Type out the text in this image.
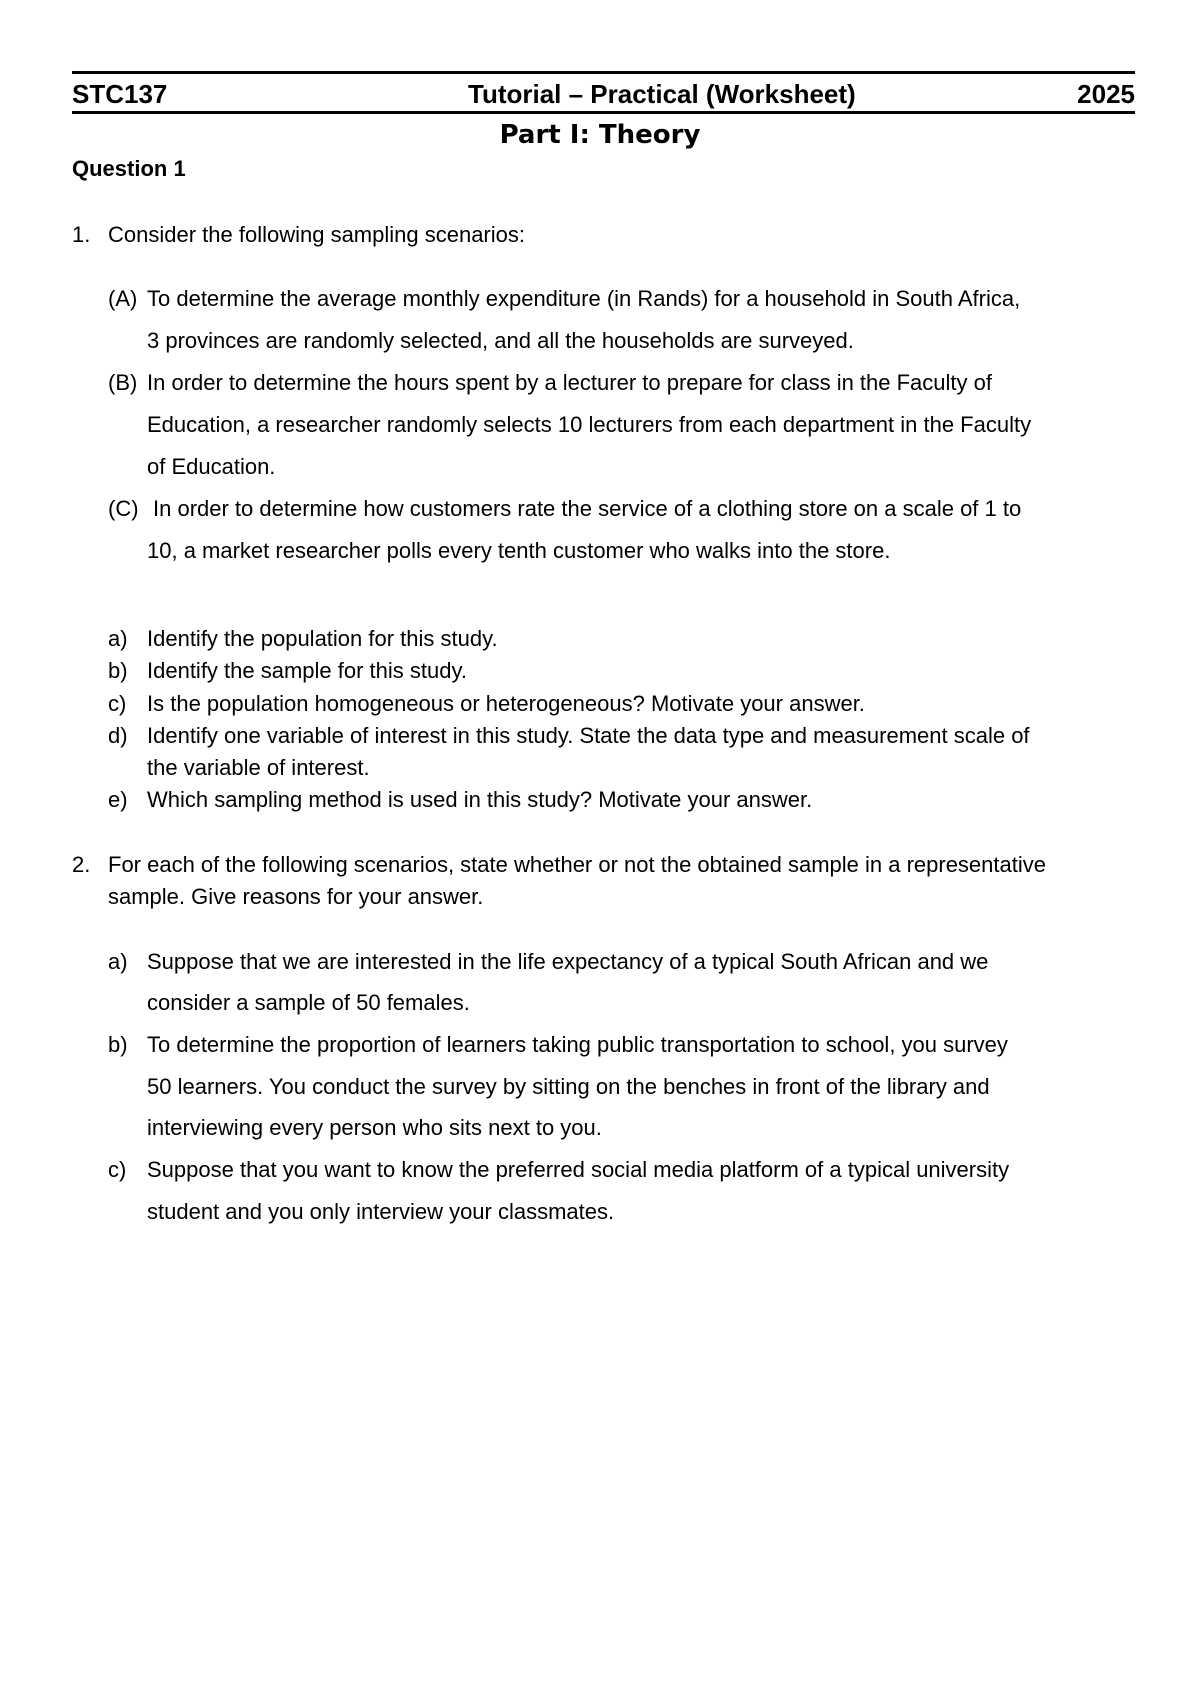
STC137	Tutorial – Practical (Worksheet)	2025
Part I: Theory
Question 1
1. Consider the following sampling scenarios:
(A) To determine the average monthly expenditure (in Rands) for a household in South Africa,
3 provinces are randomly selected, and all the households are surveyed.
(B) In order to determine the hours spent by a lecturer to prepare for class in the Faculty of
Education, a researcher randomly selects 10 lecturers from each department in the Faculty
of Education.
(C) In order to determine how customers rate the service of a clothing store on a scale of 1 to
10, a market researcher polls every tenth customer who walks into the store.
a) Identify the population for this study.
b) Identify the sample for this study.
c) Is the population homogeneous or heterogeneous? Motivate your answer.
d) Identify one variable of interest in this study. State the data type and measurement scale of
the variable of interest.
e) Which sampling method is used in this study? Motivate your answer.
2. For each of the following scenarios, state whether or not the obtained sample in a representative
sample. Give reasons for your answer.
a) Suppose that we are interested in the life expectancy of a typical South African and we
consider a sample of 50 females.
b) To determine the proportion of learners taking public transportation to school, you survey
50 learners. You conduct the survey by sitting on the benches in front of the library and
interviewing every person who sits next to you.
c) Suppose that you want to know the preferred social media platform of a typical university
student and you only interview your classmates.
